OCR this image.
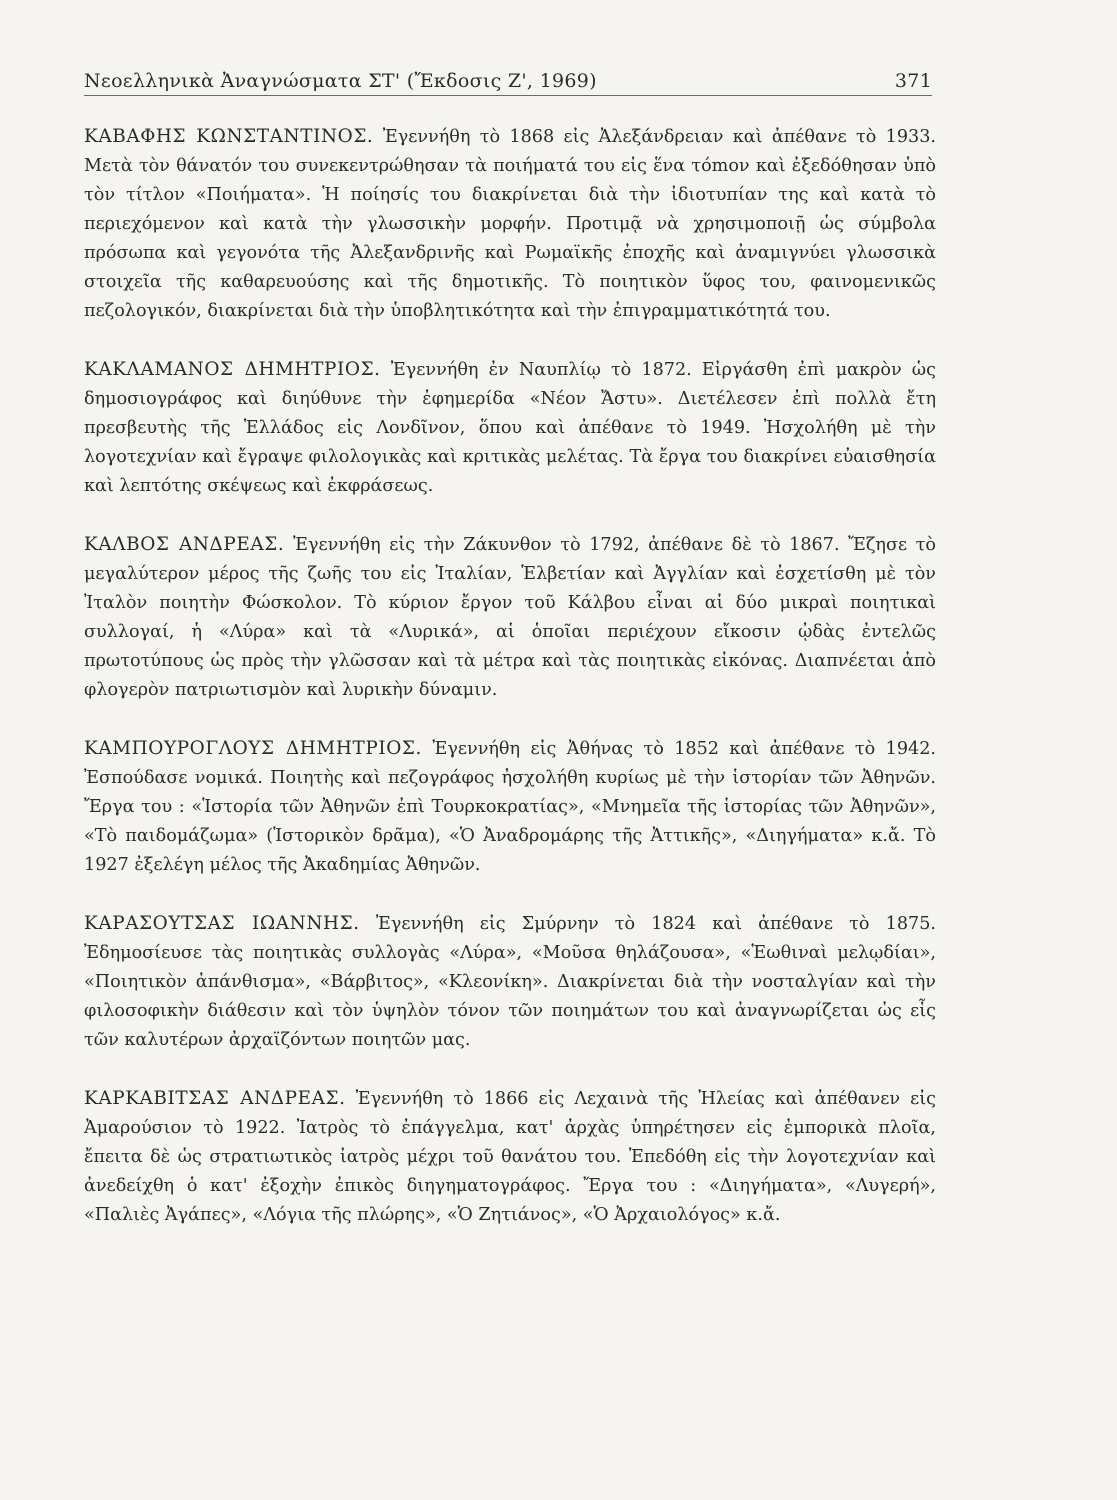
Νεοελληνικὰ Ἀναγνώσματα ΣΤ' (Ἔκδοσις Ζ', 1969)	371

ΚΑΒΑΦΗΣ ΚΩΝΣΤΑΝΤΙΝΟΣ. Ἐγεννήθη τὸ 1868 εἰς Ἀλεξάνδρειαν καὶ ἀπέθανε τὸ 1933. Μετὰ τὸν θάνατόν του συνεκεντρώθησαν τὰ ποιήματά του εἰς ἕνα τόmον καὶ ἐξεδόθησαν ὑπὸ τὸν τίτλον «Ποιήματα». Ἡ ποίησίς του διακρίνεται διὰ τὴν ἰδιοτυπίαν της καὶ κατὰ τὸ περιεχόμενον καὶ κατὰ τὴν γλωσσικὴν μορφήν. Προτιμᾷ νὰ χρησιμοποιῇ ὡς σύμβολα πρόσωπα καὶ γεγονότα τῆς Ἀλεξανδρινῆς καὶ Ρωμαϊκῆς ἐποχῆς καὶ ἀναμιγνύει γλωσσικὰ στοιχεῖα τῆς καθαρευούσης καὶ τῆς δημοτικῆς. Τὸ ποιητικὸν ὕφος του, φαινομενικῶς πεζολογικόν, διακρίνεται διὰ τὴν ὑποβλητικότητα καὶ τὴν ἐπιγραμματικότητά του.

ΚΑΚΛΑΜΑΝΟΣ ΔΗΜΗΤΡΙΟΣ. Ἐγεννήθη ἐν Ναυπλίῳ τὸ 1872. Εἰργάσθη ἐπὶ μακρὸν ὡς δημοσιογράφος καὶ διηύθυνε τὴν ἐφημερίδα «Νέον Ἄστυ». Διετέλεσεν ἐπὶ πολλὰ ἔτη πρεσβευτὴς τῆς Ἑλλάδος εἰς Λονδῖνον, ὅπου καὶ ἀπέθανε τὸ 1949. Ἠσχολήθη μὲ τὴν λογοτεχνίαν καὶ ἔγραψε φιλολογικὰς καὶ κριτικὰς μελέτας. Τὰ ἔργα του διακρίνει εὐαισθησία καὶ λεπτότης σκέψεως καὶ ἐκφράσεως.

ΚΑΛΒΟΣ ΑΝΔΡΕΑΣ. Ἐγεννήθη εἰς τὴν Ζάκυνθον τὸ 1792, ἀπέθανε δὲ τὸ 1867. Ἔζησε τὸ μεγαλύτερον μέρος τῆς ζωῆς του εἰς Ἰταλίαν, Ἑλβετίαν καὶ Ἀγγλίαν καὶ ἐσχετίσθη μὲ τὸν Ἰταλὸν ποιητὴν Φώσκολον. Τὸ κύριον ἔργον τοῦ Κάλβου εἶναι αἱ δύο μικραὶ ποιητικαὶ συλλογαί, ἡ «Λύρα» καὶ τὰ «Λυρικά», αἱ ὁποῖαι περιέχουν εἴκοσιν ᾠδὰς ἐντελῶς πρωτοτύπους ὡς πρὸς τὴν γλῶσσαν καὶ τὰ μέτρα καὶ τὰς ποιητικὰς εἰκόνας. Διαπνέεται ἀπὸ φλογερὸν πατριωτισμὸν καὶ λυρικὴν δύναμιν.

ΚΑΜΠΟΥΡΟΓΛΟΥΣ ΔΗΜΗΤΡΙΟΣ. Ἐγεννήθη εἰς Ἀθήνας τὸ 1852 καὶ ἀπέθανε τὸ 1942. Ἐσπούδασε νομικά. Ποιητὴς καὶ πεζογράφος ἠσχολήθη κυρίως μὲ τὴν ἱστορίαν τῶν Ἀθηνῶν. Ἔργα του : «Ἱστορία τῶν Ἀθηνῶν ἐπὶ Τουρκοκρατίας», «Μνημεῖα τῆς ἱστορίας τῶν Ἀθηνῶν», «Τὸ παιδομάζωμα» (Ἱστορικὸν δρᾶμα), «Ὁ Ἀναδρομάρης τῆς Ἀττικῆς», «Διηγήματα» κ.ἄ. Τὸ 1927 ἐξελέγη μέλος τῆς Ἀκαδημίας Ἀθηνῶν.

ΚΑΡΑΣΟΥΤΣΑΣ ΙΩΑΝΝΗΣ. Ἐγεννήθη εἰς Σμύρνην τὸ 1824 καὶ ἀπέθανε τὸ 1875. Ἐδημοσίευσε τὰς ποιητικὰς συλλογὰς «Λύρα», «Μοῦσα θηλάζουσα», «Ἑωθιναὶ μελῳδίαι», «Ποιητικὸν ἀπάνθισμα», «Βάρβιτος», «Κλεονίκη». Διακρίνεται διὰ τὴν νοσταλγίαν καὶ τὴν φιλοσοφικὴν διάθεσιν καὶ τὸν ὑψηλὸν τόνον τῶν ποιημάτων του καὶ ἀναγνωρίζεται ὡς εἷς τῶν καλυτέρων ἀρχαϊζόντων ποιητῶν μας.

ΚΑΡΚΑΒΙΤΣΑΣ ΑΝΔΡΕΑΣ. Ἐγεννήθη τὸ 1866 εἰς Λεχαινὰ τῆς Ἠλείας καὶ ἀπέθανεν εἰς Ἀμαρούσιον τὸ 1922. Ἰατρὸς τὸ ἐπάγγελμα, κατ' ἀρχὰς ὑπηρέτησεν εἰς ἐμπορικὰ πλοῖα, ἔπειτα δὲ ὡς στρατιωτικὸς ἰατρὸς μέχρι τοῦ θανάτου του. Ἐπεδόθη εἰς τὴν λογοτεχνίαν καὶ ἀνεδείχθη ὁ κατ' ἐξοχὴν ἐπικὸς διηγηματογράφος. Ἔργα του : «Διηγήματα», «Λυγερή», «Παλιὲς Ἀγάπες», «Λόγια τῆς πλώρης», «Ὁ Ζητιάνος», «Ὁ Ἀρχαιολόγος» κ.ἄ.
